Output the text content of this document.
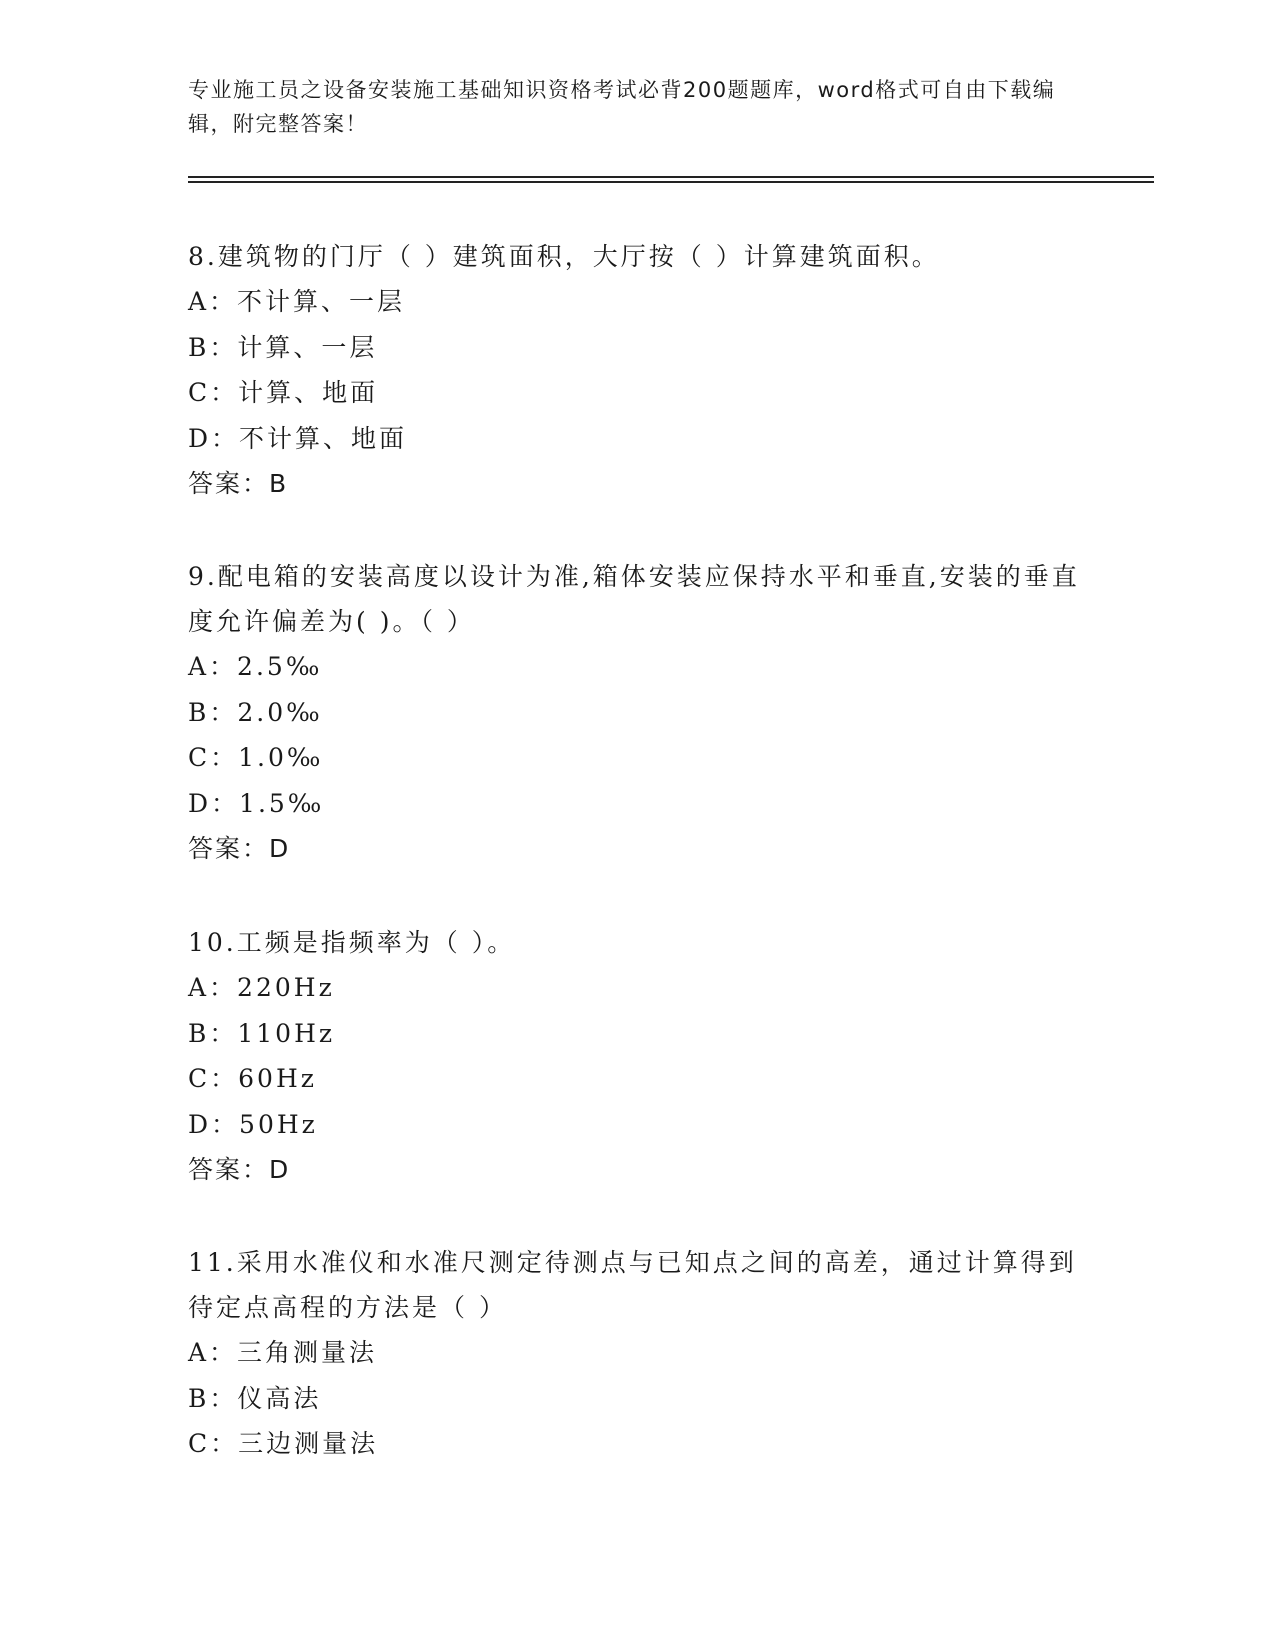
专业施工员之设备安装施工基础知识资格考试必背200题题库，word格式可自由下载编辑，附完整答案！

8.建筑物的门厅（ ）建筑面积，大厅按（ ）计算建筑面积。

A：不计算、一层

B：计算、一层

C：计算、地面

D：不计算、地面

答案：B

9.配电箱的安装高度以设计为准,箱体安装应保持水平和垂直,安装的垂直度允许偏差为( )。（ ）

A：2.5‰

B：2.0‰

C：1.0‰

D：1.5‰

答案：D

10.工频是指频率为（ ）。

A：220Hz

B：110Hz

C：60Hz

D：50Hz

答案：D

11.采用水准仪和水准尺测定待测点与已知点之间的高差，通过计算得到待定点高程的方法是（ ）

A：三角测量法

B：仪高法

C：三边测量法
